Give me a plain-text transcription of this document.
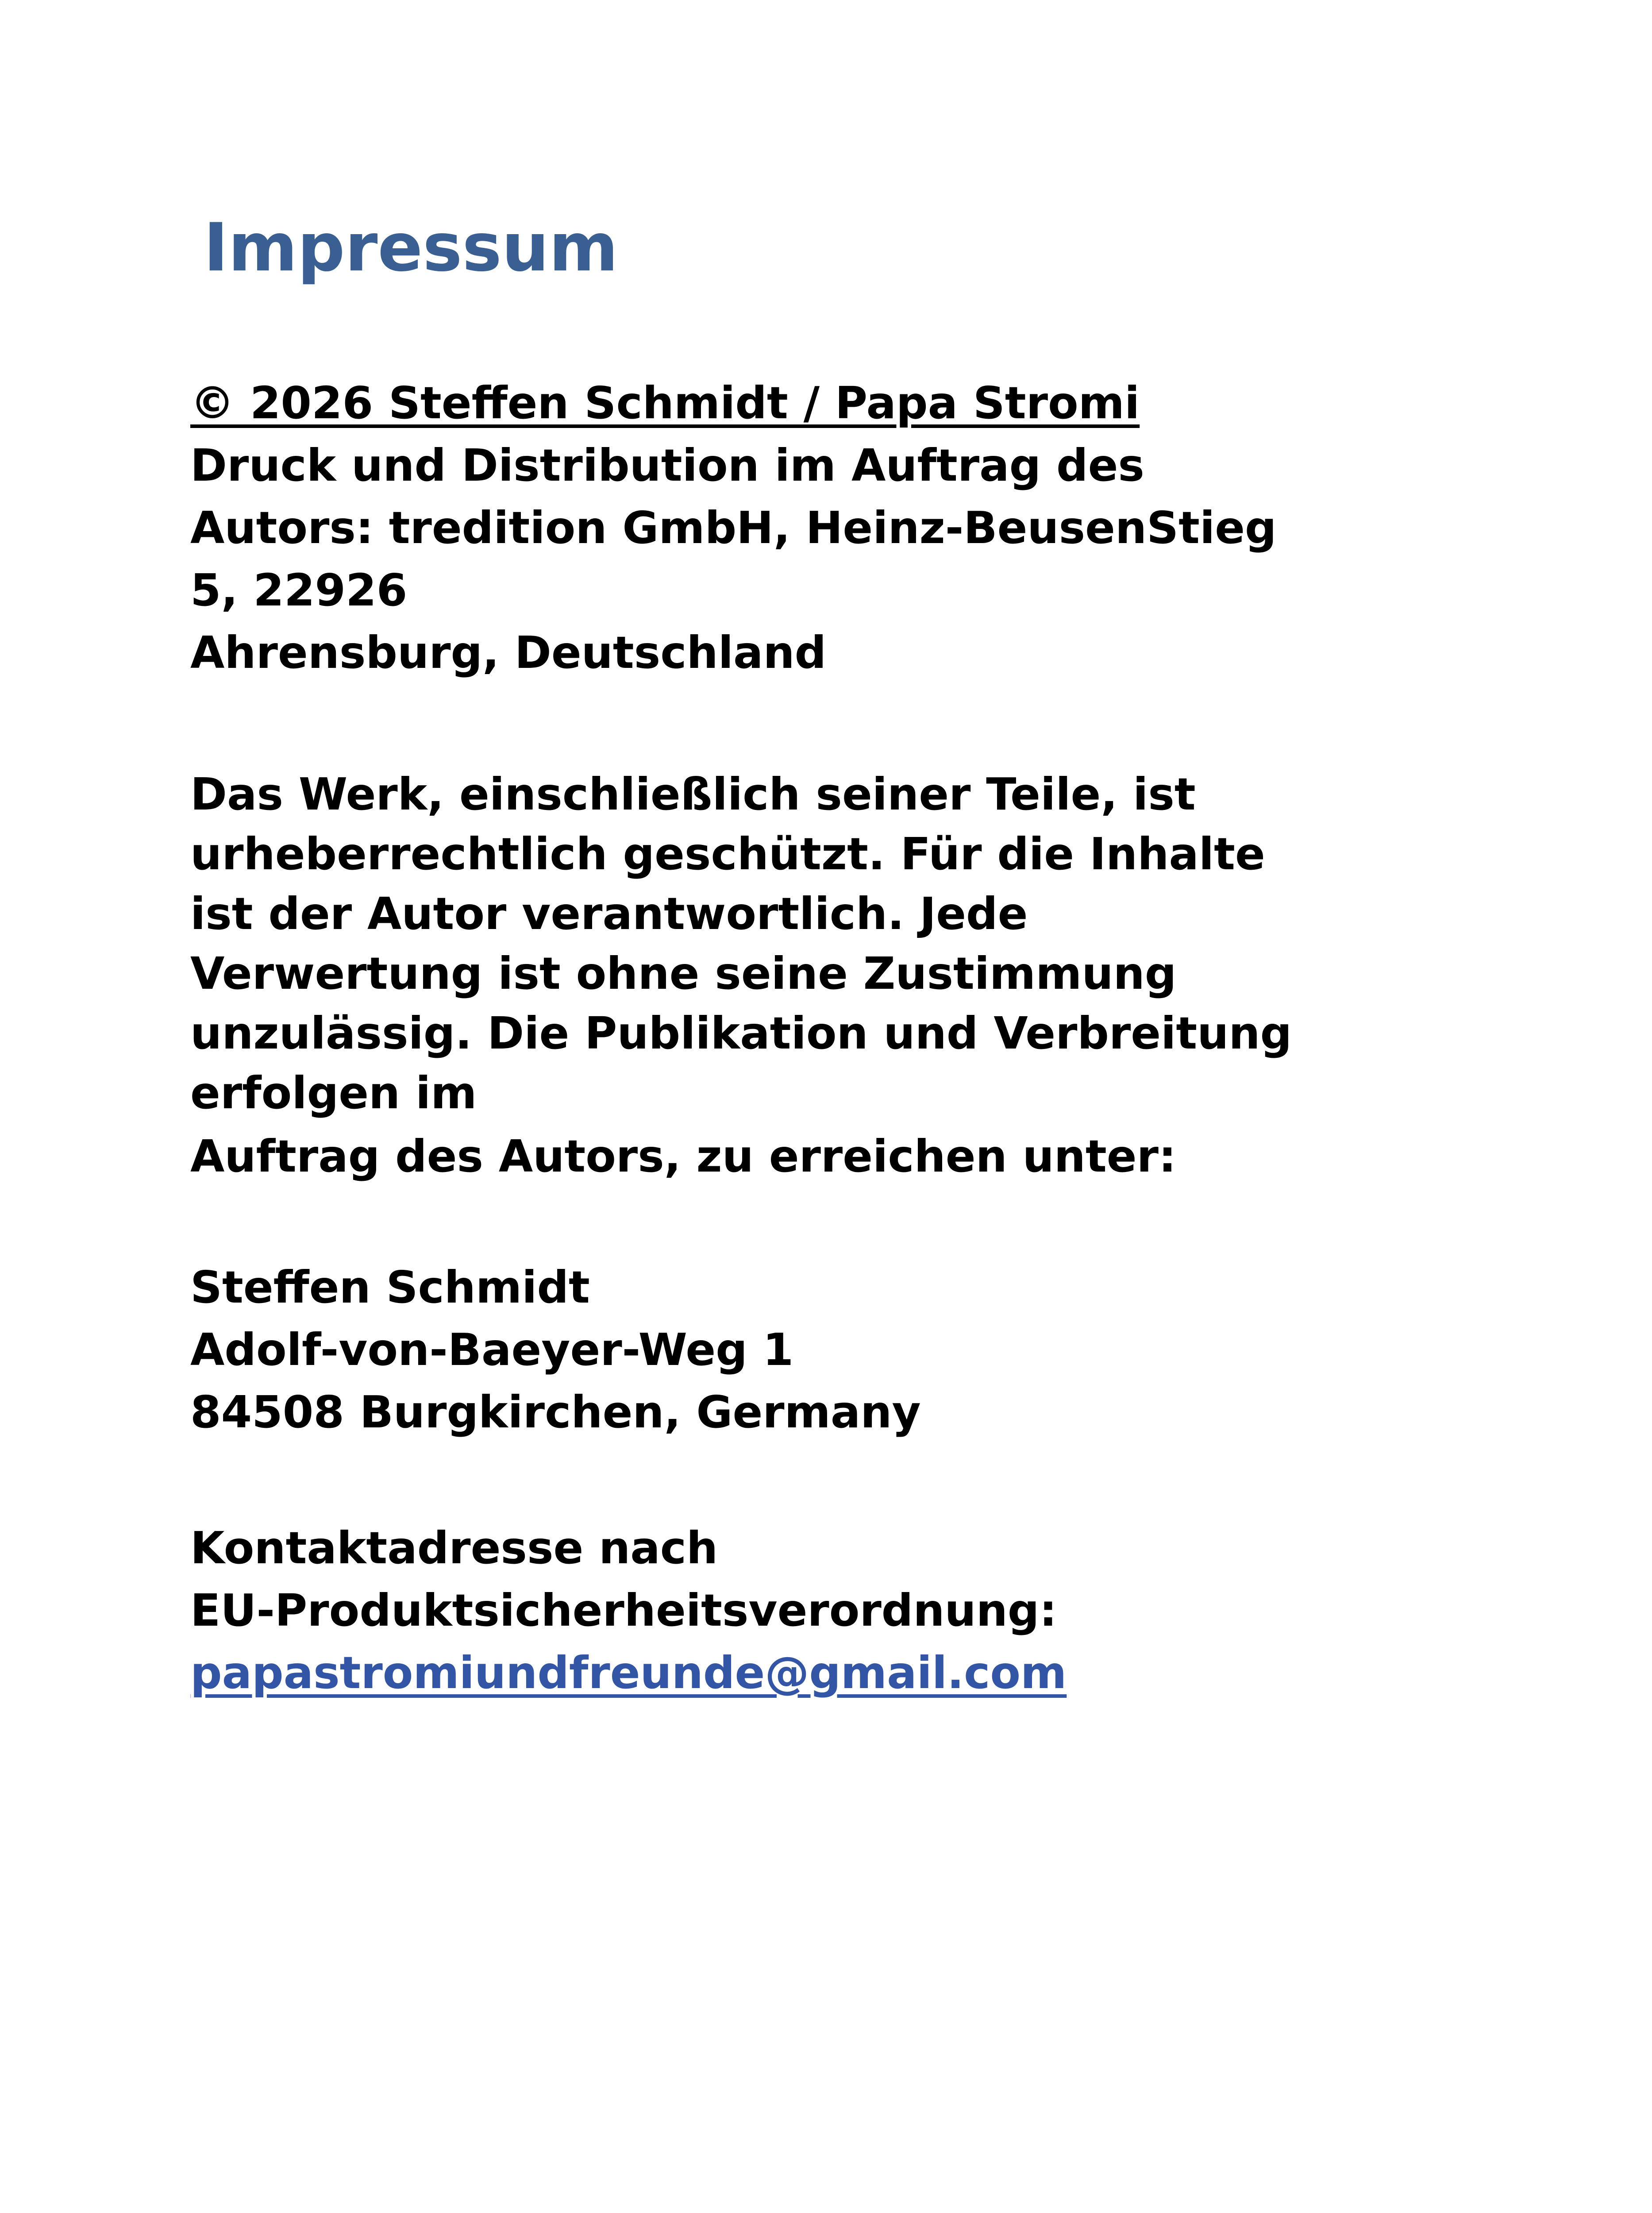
Impressum
© 2026 Steffen Schmidt / Papa Stromi
Druck und Distribution im Auftrag des
Autors: tredition GmbH, Heinz-BeusenStieg
5, 22926
Ahrensburg, Deutschland
Das Werk, einschließlich seiner Teile, ist
urheberrechtlich geschützt. Für die Inhalte
ist der Autor verantwortlich. Jede
Verwertung ist ohne seine Zustimmung
unzulässig. Die Publikation und Verbreitung
erfolgen im
Auftrag des Autors, zu erreichen unter:
Steffen Schmidt
Adolf-von-Baeyer-Weg 1
84508 Burgkirchen, Germany
Kontaktadresse nach
EU-Produktsicherheitsverordnung:
papastromiundfreunde@gmail.com
